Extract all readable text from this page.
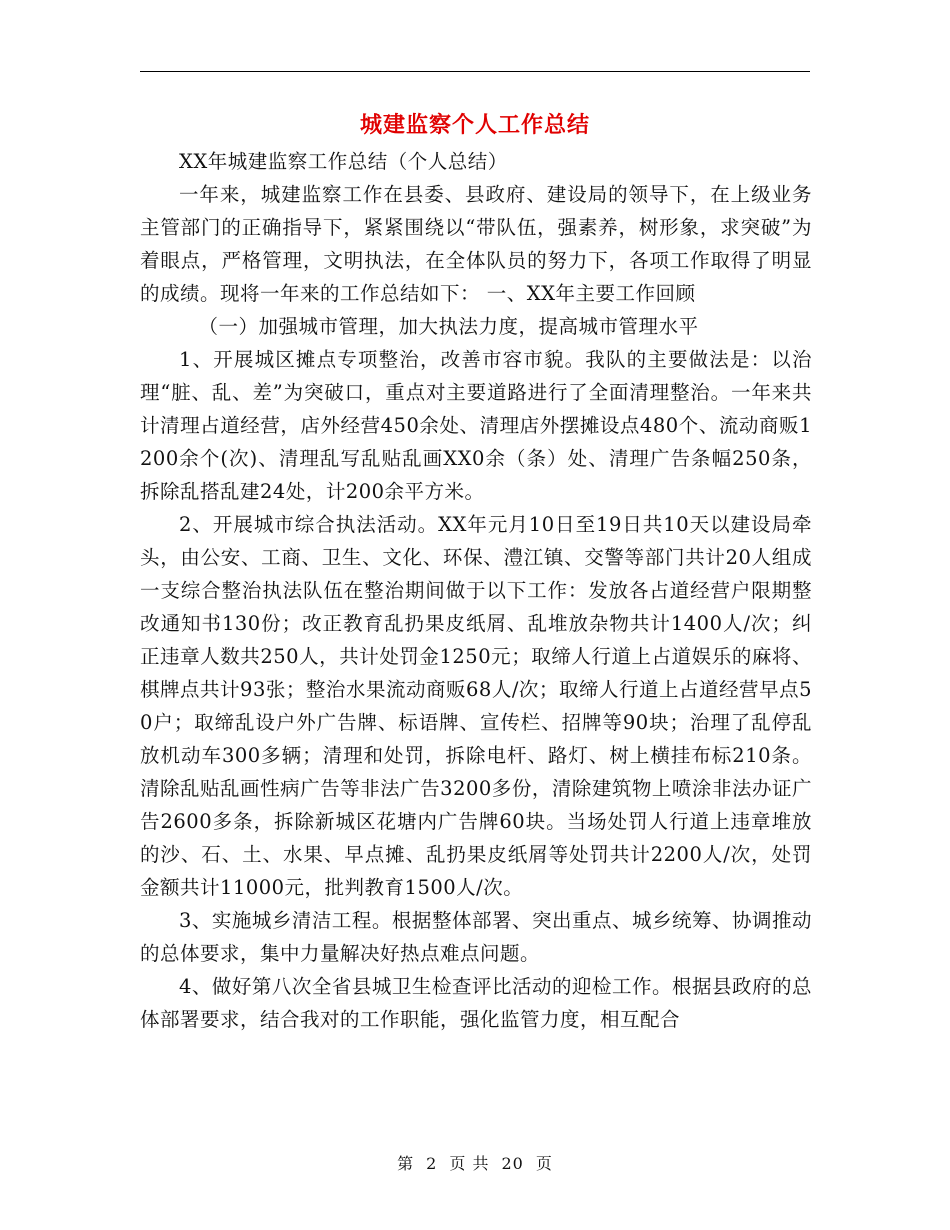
城建监察个人工作总结

XX年城建监察工作总结（个人总结）

一年来，城建监察工作在县委、县政府、建设局的领导下，在上级业务主管部门的正确指导下，紧紧围绕以“带队伍，强素养，树形象，求突破”为着眼点，严格管理，文明执法，在全体队员的努力下，各项工作取得了明显的成绩。现将一年来的工作总结如下： 一、XX年主要工作回顾

（一）加强城市管理，加大执法力度，提高城市管理水平

1、开展城区摊点专项整治，改善市容市貌。我队的主要做法是：以治理“脏、乱、差”为突破口，重点对主要道路进行了全面清理整治。一年来共计清理占道经营，店外经营450余处、清理店外摆摊设点480个、流动商贩1200余个(次)、清理乱写乱贴乱画XX0余（条）处、清理广告条幅250条，拆除乱搭乱建24处，计200余平方米。

2、开展城市综合执法活动。XX年元月10日至19日共10天以建设局牵头，由公安、工商、卫生、文化、环保、澧江镇、交警等部门共计20人组成一支综合整治执法队伍在整治期间做于以下工作：发放各占道经营户限期整改通知书130份；改正教育乱扔果皮纸屑、乱堆放杂物共计1400人/次；纠正违章人数共250人，共计处罚金1250元；取缔人行道上占道娱乐的麻将、棋牌点共计93张；整治水果流动商贩68人/次；取缔人行道上占道经营早点50户；取缔乱设户外广告牌、标语牌、宣传栏、招牌等90块；治理了乱停乱放机动车300多辆；清理和处罚，拆除电杆、路灯、树上横挂布标210条。清除乱贴乱画性病广告等非法广告3200多份，清除建筑物上喷涂非法办证广告2600多条，拆除新城区花塘内广告牌60块。当场处罚人行道上违章堆放的沙、石、土、水果、早点摊、乱扔果皮纸屑等处罚共计2200人/次，处罚金额共计11000元，批判教育1500人/次。

3、实施城乡清洁工程。根据整体部署、突出重点、城乡统筹、协调推动的总体要求，集中力量解决好热点难点问题。

4、做好第八次全省县城卫生检查评比活动的迎检工作。根据县政府的总体部署要求，结合我对的工作职能，强化监管力度，相互配合

第 2 页 共 20 页
